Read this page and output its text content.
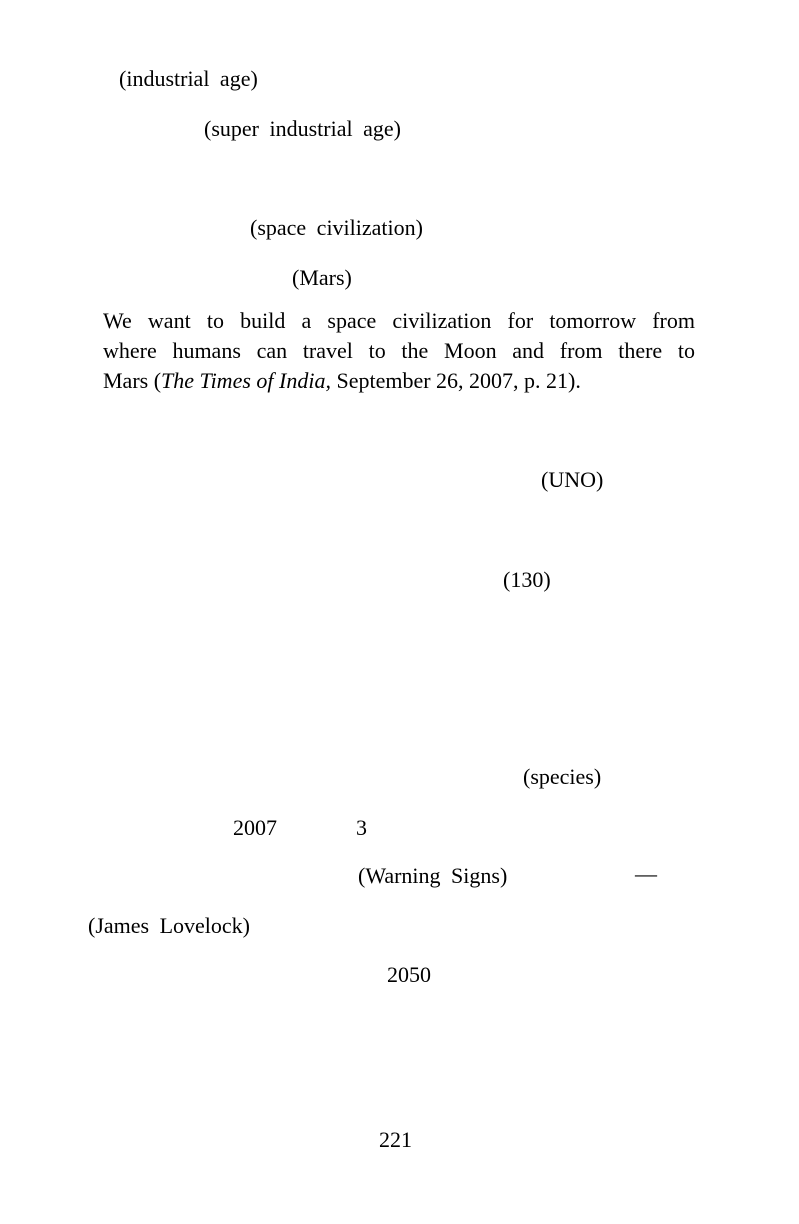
(industrial age)
(super industrial age)
(space civilization)
(Mars)
We want to build a space civilization for tomorrow from
where humans can travel to the Moon and from there to
Mars (The Times of India, September 26, 2007, p. 21).
(UNO)
(130)
(species)
2007	3
(Warning Signs)	—
(James Lovelock)
2050
221
